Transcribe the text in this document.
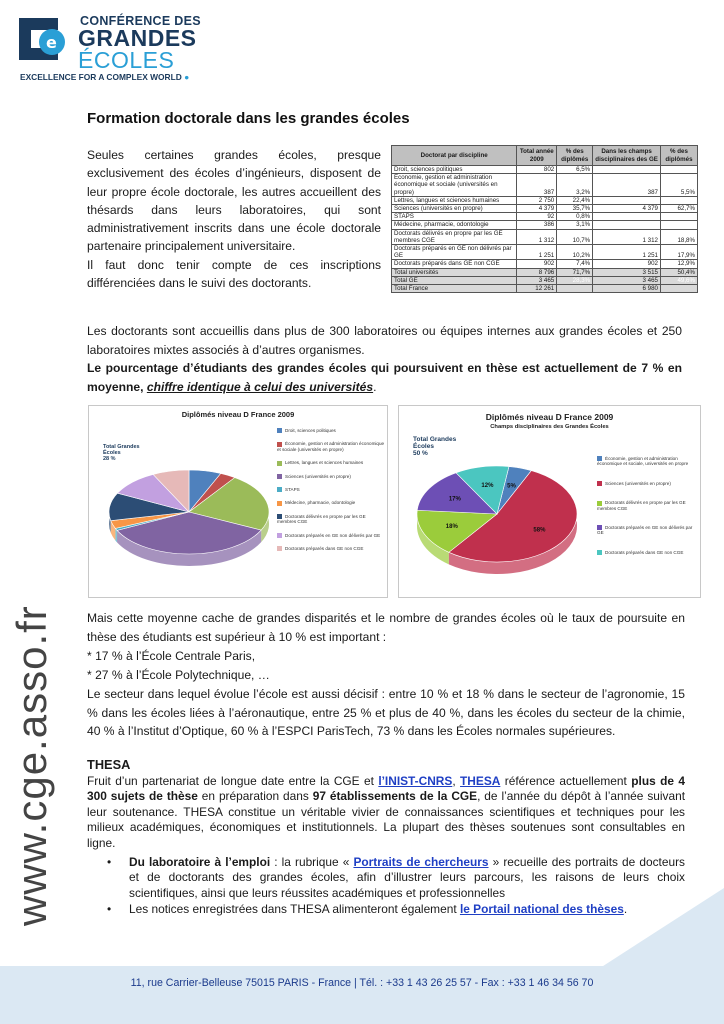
e
CONFÉRENCE DES
GRANDES
ÉCOLES
EXCELLENCE FOR A COMPLEX WORLD ●
www.cge.asso.fr
Formation doctorale dans les grandes écoles
Seules certaines grandes écoles, presque exclusivement des écoles d’ingénieurs, disposent de leur propre école doctorale, les autres accueillent des thésards dans leurs laboratoires, qui sont administrativement inscrits dans une école doctorale partenaire principalement universitaire.
Il faut donc tenir compte de ces inscriptions différenciées dans le suivi des doctorants.
Doctorat par discipline	Total année 2009	% des diplômés	Dans les champs disciplinaires des GE	% des diplômés
Droit, sciences politiques	802	6,5%		
Economie, gestion et administration économique et sociale (universités en propre)	387	3,2%	387	5,5%
Lettres, langues et sciences humaines	2 750	22,4%		
Sciences (universités en propre)	4 379	35,7%	4 379	62,7%
STAPS	92	0,8%		
Médecine, pharmacie, odontologie	386	3,1%		
Doctorats délivrés en propre par les GE membres CGE	1 312	10,7%	1 312	18,8%
Doctorats préparés en GE non délivrés par GE	1 251	10,2%	1 251	17,9%
Doctorats préparés dans GE non CGE	902	7,4%	902	12,9%
Total universités	8 796	71,7%	3 515	50,4%
Total GE	3 465	28,3%	3 465	49,6%
Total France	12 261		6 980	
Les doctorants sont accueillis dans plus de 300 laboratoires ou équipes internes aux grandes écoles et 250 laboratoires mixtes associés à d’autres organismes.
Le pourcentage d’étudiants des grandes écoles qui poursuivent en thèse est actuellement de 7 % en moyenne, chiffre identique à celui des universités.
Diplômés niveau D France 2009
Total Grandes Écoles
28 %
Droit, sciences politiques
Économie, gestion et administration économique et sociale (universités en propre)
Lettres, langues et sciences humaines
Sciences (universités en propre)
STAPS
Médecine, pharmacie, odontologie
Doctorats délivrés en propre par les GE membres CGE
Doctorats préparés en GE non délivrés par GE
Doctorats préparés dans GE non CGE
Diplômés niveau D France 2009
Champs disciplinaires des Grandes Écoles
Total Grandes Écoles
50 %
5%
58%
18%
17%
12%
Économie, gestion et administration économique et sociale, universités en propre
Sciences (universités en propre)
Doctorats délivrés en propre par les GE membres CGE
Doctorats préparés en GE non délivrés par GE
Doctorats préparés dans GE non CGE
Mais cette moyenne cache de grandes disparités et le nombre de grandes écoles où le taux de poursuite en thèse des étudiants est supérieur à 10 % est important :
* 17 % à l’École Centrale Paris,
* 27 % à l’École Polytechnique, …
Le secteur dans lequel évolue l’école est aussi décisif : entre 10 % et 18 % dans le secteur de l’agronomie, 15 % dans les écoles liées à l’aéronautique, entre 25 % et plus de 40 %, dans les écoles du secteur de la chimie, 40 % à l’Institut d’Optique, 60 % à l’ESPCI ParisTech, 73 % dans les Écoles normales supérieures.
THESA
Fruit d’un partenariat de longue date entre la CGE et l’INIST-CNRS, THESA référence actuellement plus de 4 300 sujets de thèse en préparation dans 97 établissements de la CGE, de l’année du dépôt à l’année suivant leur soutenance. THESA constitue un véritable vivier de connaissances scientifiques et techniques pour les milieux académiques, économiques et institutionnels. La plupart des thèses soutenues sont consultables en ligne.
• Du laboratoire à l’emploi : la rubrique « Portraits de chercheurs » recueille des portraits de docteurs et de doctorants des grandes écoles, afin d’illustrer leurs parcours, les raisons de leurs choix scientifiques, ainsi que leurs réussites académiques et professionnelles
• Les notices enregistrées dans THESA alimenteront également le Portail national des thèses.
11, rue Carrier-Belleuse 75015 PARIS - France | Tél. : +33 1 43 26 25 57 - Fax : +33 1 46 34 56 70
